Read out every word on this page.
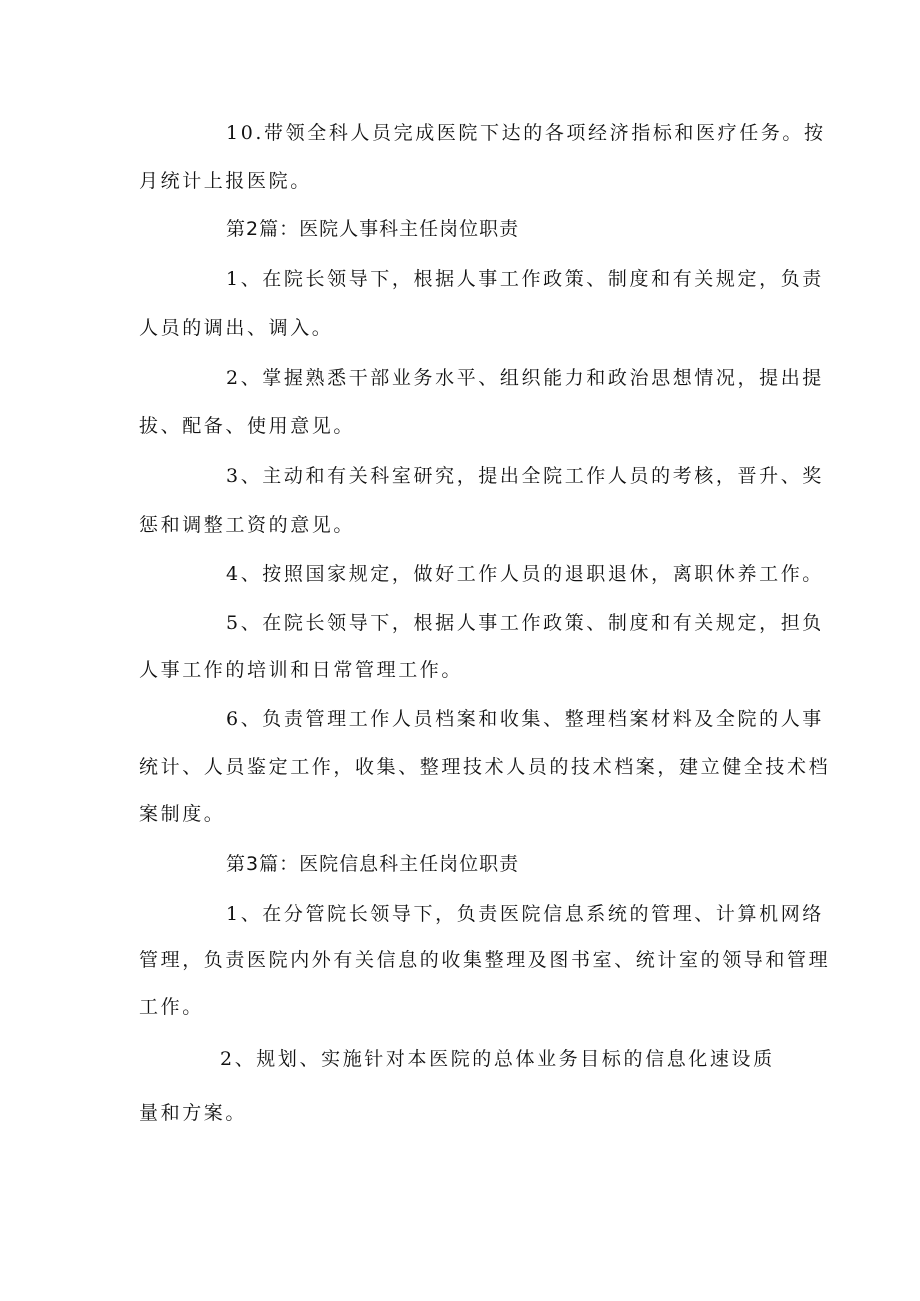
10.带领全科人员完成医院下达的各项经济指标和医疗任务。按
月统计上报医院。
第2篇：医院人事科主任岗位职责
1、在院长领导下，根据人事工作政策、制度和有关规定，负责
人员的调出、调入。
2、掌握熟悉干部业务水平、组织能力和政治思想情况，提出提
拔、配备、使用意见。
3、主动和有关科室研究，提出全院工作人员的考核，晋升、奖
惩和调整工资的意见。
4、按照国家规定，做好工作人员的退职退休，离职休养工作。
5、在院长领导下，根据人事工作政策、制度和有关规定，担负
人事工作的培训和日常管理工作。
6、负责管理工作人员档案和收集、整理档案材料及全院的人事
统计、人员鉴定工作，收集、整理技术人员的技术档案，建立健全技术档
案制度。
第3篇：医院信息科主任岗位职责
1、在分管院长领导下，负责医院信息系统的管理、计算机网络
管理，负责医院内外有关信息的收集整理及图书室、统计室的领导和管理
工作。
2、规划、实施针对本医院的总体业务目标的信息化速设质
量和方案。
